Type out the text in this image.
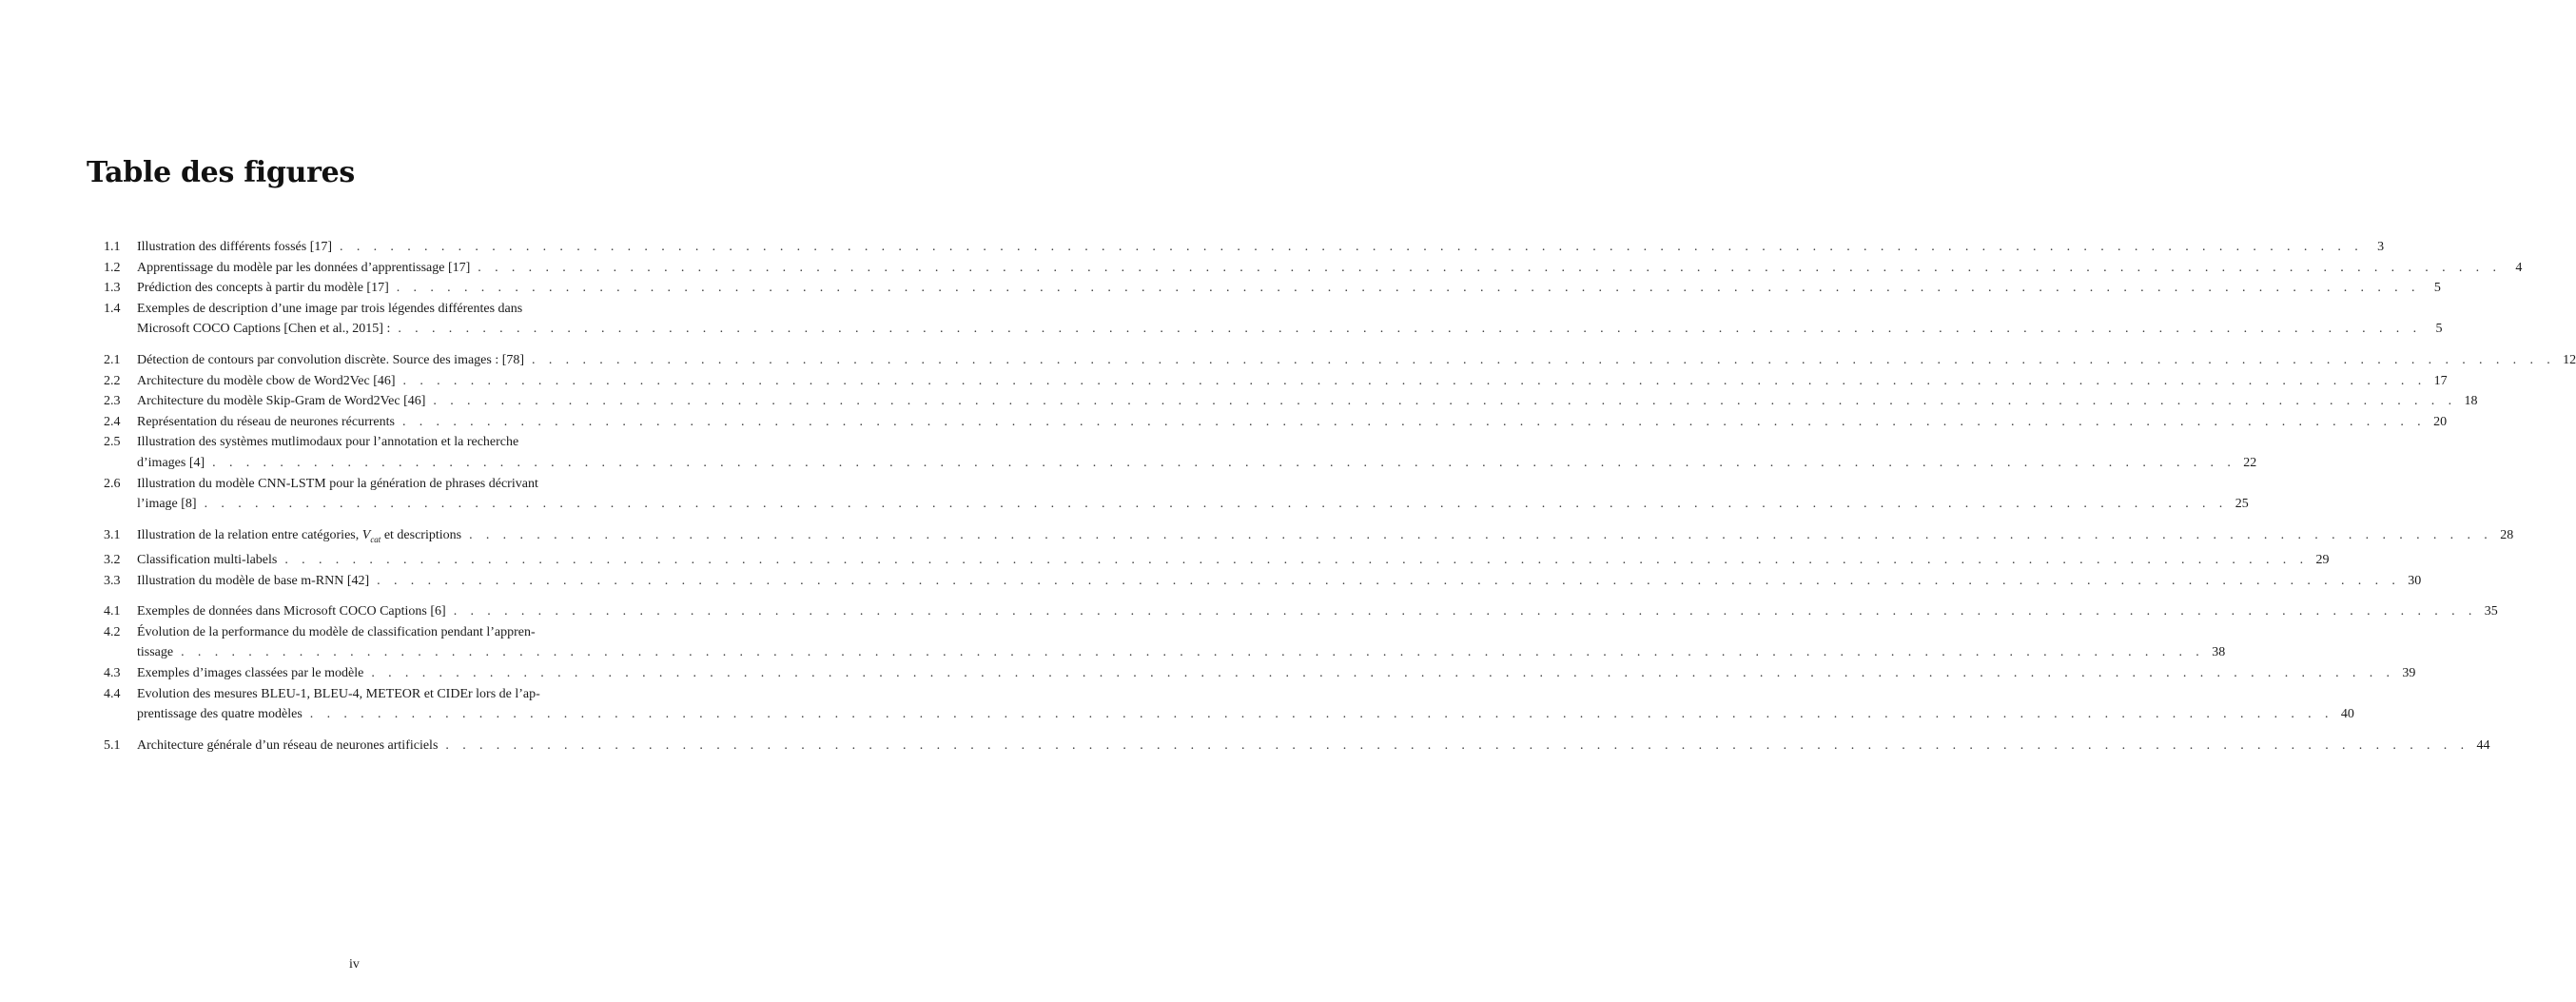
Table des figures
1.1	Illustration des différents fossés [17] . . . . . . . . . . . . . . . . . . . . . . . . . . . . . . . . . . . . . . . . . . . . . . . . . . . . . . . . . . . . . . . . . . . . . . . . . . . . . . . . . . . . . . . . . . . . . . . . . . . . . . . . . . . . . . . . . . . . . . . .	3
1.2	Apprentissage du modèle par les données d’apprentissage [17] . . . . . . . . . . . . . . . . . . . . . . . . . . . . . . . . . . . . . . . . . . . . . . . . . . . . . . . . . . . . . . . . . . . . . . . . . . . . . . . . . . . . . . . . . . . . . . . . . . . . . . . . . . . . . . . . . . . . . . . .	4
1.3	Prédiction des concepts à partir du modèle [17] . . . . . . . . . . . . . . . . . . . . . . . . . . . . . . . . . . . . . . . . . . . . . . . . . . . . . . . . . . . . . . . . . . . . . . . . . . . . . . . . . . . . . . . . . . . . . . . . . . . . . . . . . . . . . . . . . . . . . . . .	5
1.4	Exemples de description d’une image par trois légendes différentes dans
Microsoft COCO Captions [Chen et al., 2015] : . . . . . . . . . . . . . . . . . . . . . . . . . . . . . . . . . . . . . . . . . . . . . . . . . . . . . . . . . . . . . . . . . . . . . . . . . . . . . . . . . . . . . . . . . . . . . . . . . . . . . . . . . . . . . . . . . . . . . . . .	5
2.1	Détection de contours par convolution discrète. Source des images : [78] . . . . . . . . . . . . . . . . . . . . . . . . . . . . . . . . . . . . . . . . . . . . . . . . . . . . . . . . . . . . . . . . . . . . . . . . . . . . . . . . . . . . . . . . . . . . . . . . . . . . . . . . . . . . . . . . . . . . . . . . 12
2.2	Architecture du modèle cbow de Word2Vec [46] . . . . . . . . . . . . . . . . . . . . . . . . . . . . . . . . . . . . . . . . . . . . . . . . . . . . . . . . . . . . . . . . . . . . . . . . . . . . . . . . . . . . . . . . . . . . . . . . . . . . . . . . . . . . . . . . . . . . . . . . 17
2.3	Architecture du modèle Skip-Gram de Word2Vec [46] . . . . . . . . . . . . . . . . . . . . . . . . . . . . . . . . . . . . . . . . . . . . . . . . . . . . . . . . . . . . . . . . . . . . . . . . . . . . . . . . . . . . . . . . . . . . . . . . . . . . . . . . . . . . . . . . . . . . . . . . 18
2.4	Représentation du réseau de neurones récurrents . . . . . . . . . . . . . . . . . . . . . . . . . . . . . . . . . . . . . . . . . . . . . . . . . . . . . . . . . . . . . . . . . . . . . . . . . . . . . . . . . . . . . . . . . . . . . . . . . . . . . . . . . . . . . . . . . . . . . . . . 20
2.5	Illustration des systèmes mutlimodaux pour l’annotation et la recherche
d’images [4] . . . . . . . . . . . . . . . . . . . . . . . . . . . . . . . . . . . . . . . . . . . . . . . . . . . . . . . . . . . . . . . . . . . . . . . . . . . . . . . . . . . . . . . . . . . . . . . . . . . . . . . . . . . . . . . . . . . . . . . . 22
2.6	Illustration du modèle CNN-LSTM pour la génération de phrases décrivant
l’image [8] . . . . . . . . . . . . . . . . . . . . . . . . . . . . . . . . . . . . . . . . . . . . . . . . . . . . . . . . . . . . . . . . . . . . . . . . . . . . . . . . . . . . . . . . . . . . . . . . . . . . . . . . . . . . . . . . . . . . . . . . 25
3.1	Illustration de la relation entre catégories, $V_{cat}$ et descriptions . . . . . . . . . . . . . . . . . . . . . . . . . . . . . . . . . . . . . . . . . . . . . . . . . . . . . . . . . . . . . . . . . . . . . . . . . . . . . . . . . . . . . . . . . . . . . . . . . . . . . . . . . . . . . . . . . . . . . . . . 28
3.2	Classification multi-labels . . . . . . . . . . . . . . . . . . . . . . . . . . . . . . . . . . . . . . . . . . . . . . . . . . . . . . . . . . . . . . . . . . . . . . . . . . . . . . . . . . . . . . . . . . . . . . . . . . . . . . . . . . . . . . . . . . . . . . . . 29
3.3	Illustration du modèle de base m-RNN [42] . . . . . . . . . . . . . . . . . . . . . . . . . . . . . . . . . . . . . . . . . . . . . . . . . . . . . . . . . . . . . . . . . . . . . . . . . . . . . . . . . . . . . . . . . . . . . . . . . . . . . . . . . . . . . . . . . . . . . . . . 30
4.1	Exemples de données dans Microsoft COCO Captions [6] . . . . . . . . . . . . . . . . . . . . . . . . . . . . . . . . . . . . . . . . . . . . . . . . . . . . . . . . . . . . . . . . . . . . . . . . . . . . . . . . . . . . . . . . . . . . . . . . . . . . . . . . . . . . . . . . . . . . . . . . 35
4.2	Évolution de la performance du modèle de classification pendant l’appren-
tissage . . . . . . . . . . . . . . . . . . . . . . . . . . . . . . . . . . . . . . . . . . . . . . . . . . . . . . . . . . . . . . . . . . . . . . . . . . . . . . . . . . . . . . . . . . . . . . . . . . . . . . . . . . . . . . . . . . . . . . . . 38
4.3	Exemples d’images classées par le modèle . . . . . . . . . . . . . . . . . . . . . . . . . . . . . . . . . . . . . . . . . . . . . . . . . . . . . . . . . . . . . . . . . . . . . . . . . . . . . . . . . . . . . . . . . . . . . . . . . . . . . . . . . . . . . . . . . . . . . . . . 39
4.4	Evolution des mesures BLEU-1, BLEU-4, METEOR et CIDEr lors de l’ap-
prentissage des quatre modèles . . . . . . . . . . . . . . . . . . . . . . . . . . . . . . . . . . . . . . . . . . . . . . . . . . . . . . . . . . . . . . . . . . . . . . . . . . . . . . . . . . . . . . . . . . . . . . . . . . . . . . . . . . . . . . . . . . . . . . . . 40
5.1	Architecture générale d’un réseau de neurones artificiels . . . . . . . . . . . . . . . . . . . . . . . . . . . . . . . . . . . . . . . . . . . . . . . . . . . . . . . . . . . . . . . . . . . . . . . . . . . . . . . . . . . . . . . . . . . . . . . . . . . . . . . . . . . . . . . . . . . . . . . . 44
iv
